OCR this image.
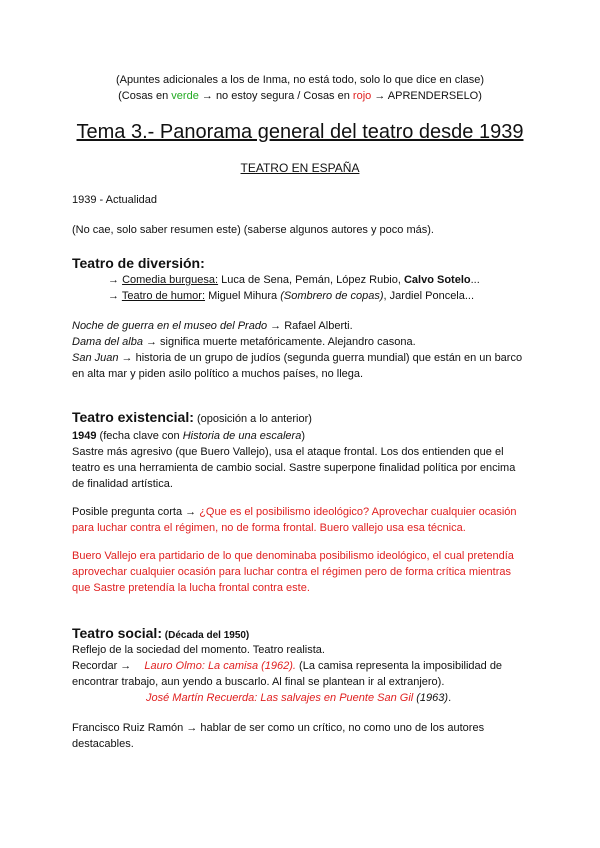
(Apuntes adicionales a los de Inma, no está todo, solo lo que dice en clase)

(Cosas en verde → no estoy segura / Cosas en rojo → APRENDERSELO)

Tema 3.- Panorama general del teatro desde 1939
TEATRO EN ESPAÑA

1939 - Actualidad

(No cae, solo saber resumen este) (saberse algunos autores y poco más).

Teatro de diversión:

→ Comedia burguesa: Luca de Sena, Pemán, López Rubio, Calvo Sotelo...

→ Teatro de humor: Miguel Mihura (Sombrero de copas), Jardiel Poncela...

Noche de guerra en el museo del Prado → Rafael Alberti.

Dama del alba → significa muerte metafóricamente. Alejandro casona.

San Juan → historia de un grupo de judíos (segunda guerra mundial) que están en un barco

en alta mar y piden asilo político a muchos países, no llega.

Teatro existencial: (oposición a lo anterior)

1949 (fecha clave con Historia de una escalera)

Sastre más agresivo (que Buero Vallejo), usa el ataque frontal. Los dos entienden que el

teatro es una herramienta de cambio social. Sastre superpone finalidad política por encima

de finalidad artística.

Posible pregunta corta → ¿Que es el posibilismo ideológico? Aprovechar cualquier ocasión

para luchar contra el régimen, no de forma frontal. Buero vallejo usa esa técnica.

Buero Vallejo era partidario de lo que denominaba posibilismo ideológico, el cual pretendía

aprovechar cualquier ocasión para luchar contra el régimen pero de forma crítica mientras

que Sastre pretendía la lucha frontal contra este.

Teatro social: (Década del 1950)

Reflejo de la sociedad del momento. Teatro realista.

Recordar → Lauro Olmo: La camisa (1962). (La camisa representa la imposibilidad de

encontrar trabajo, aun yendo a buscarlo. Al final se plantean ir al extranjero).

José Martín Recuerda: Las salvajes en Puente San Gil (1963).

Francisco Ruiz Ramón → hablar de ser como un crítico, no como uno de los autores

destacables.
